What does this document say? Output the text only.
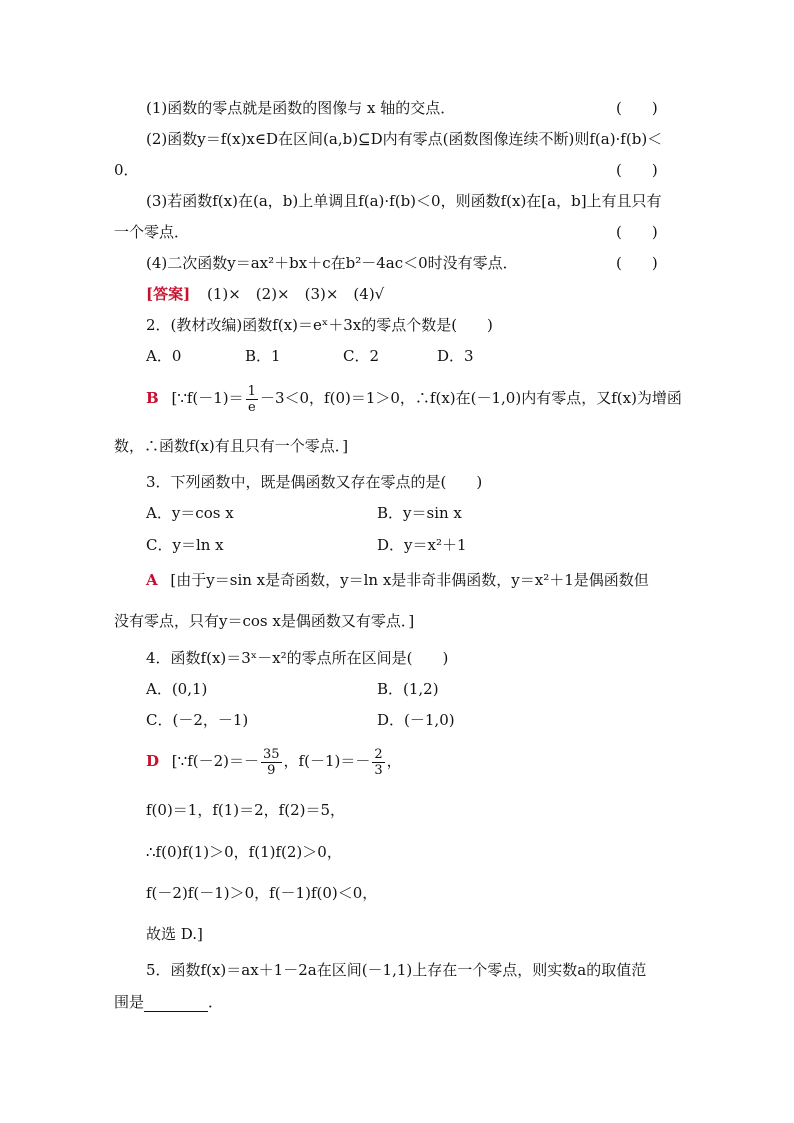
(1)函数的零点就是函数的图像与 x 轴的交点．	(　　)
(2)函数y＝f(x)x∈D在区间(a,b)⊆D内有零点(函数图像连续不断)则f(a)·f(b)＜
0．	(　　)
(3)若函数f(x)在(a，b)上单调且f(a)·f(b)＜0，则函数f(x)在[a，b]上有且只有
一个零点．	(　　)
(4)二次函数y＝ax²＋bx＋c在b²－4ac＜0时没有零点．	(　　)
[答案] (1)×　(2)×　(3)×　(4)√
2．(教材改编)函数f(x)＝eˣ＋3x的零点个数是(　　)
A．0	B．1	C．2	D．3
B [∵f(－1)＝ $\frac{1}{e} -3<0$，f(0)＝1＞0，∴f(x)在(－1,0)内有零点，又f(x)为增函
数，∴函数f(x)有且只有一个零点．]
3．下列函数中，既是偶函数又存在零点的是(　　)
A．y＝cos x	B．y＝sin x
C．y＝ln x	D．y＝x²＋1
A [由于y＝sin x是奇函数，y＝ln x是非奇非偶函数，y＝x²＋1是偶函数但
没有零点，只有y＝cos x是偶函数又有零点．]
4．函数f(x)＝3ˣ－x²的零点所在区间是(　　)
A．(0,1)	B．(1,2)
C．(－2，－1)	D．(－1,0)
D [∵f(－2)＝－ $\frac{35}{9}$ ，$f(-1)=- \frac{2}{3}$ ，
f(0)＝1，f(1)＝2，f(2)＝5，
∴f(0)f(1)＞0，f(1)f(2)＞0，
f(－2)f(－1)＞0，f(－1)f(0)＜0，
故选 D.]
5．函数f(x)＝ax＋1－2a在区间(－1,1)上存在一个零点，则实数a的取值范
围是	．
